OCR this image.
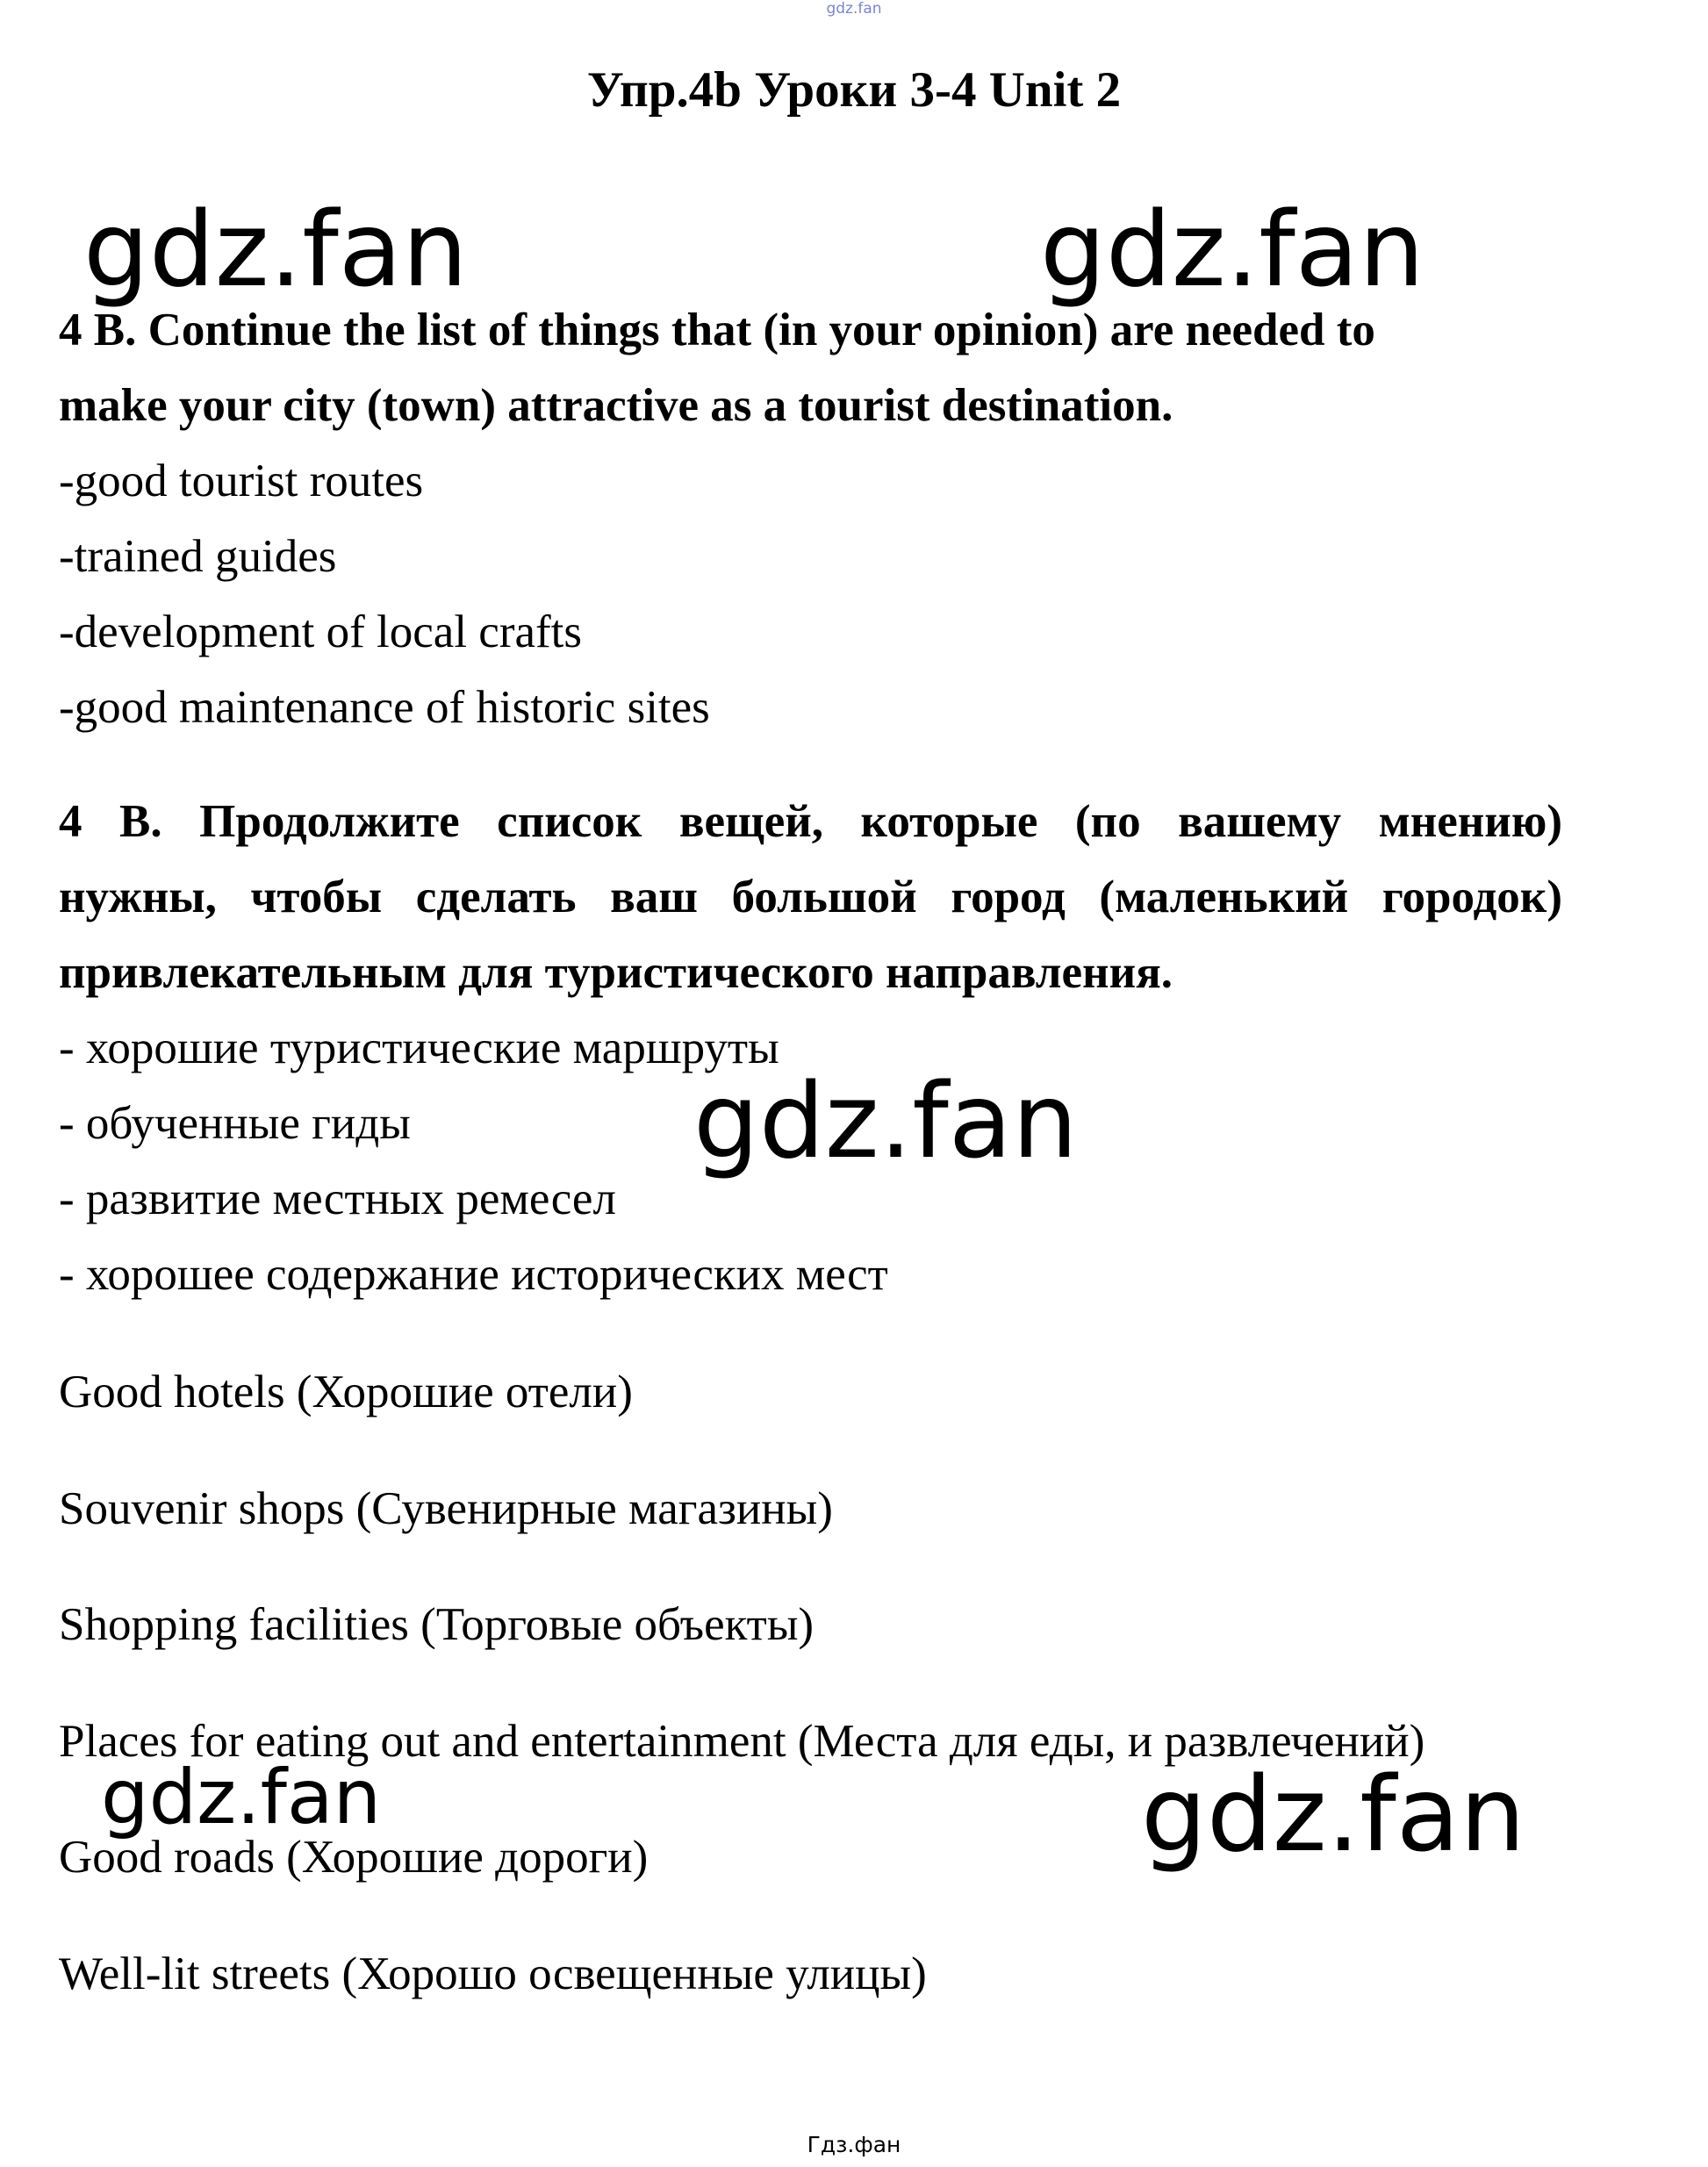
gdz.fan
Упр.4b Уроки 3-4 Unit 2
gdz.fan	gdz.fan
4 B. Continue the list of things that (in your opinion) are needed to
make your city (town) attractive as a tourist destination.
-good tourist routes
-trained guides
-development of local crafts
-good maintenance of historic sites
4 В. Продолжите список вещей, которые (по вашему мнению)
нужны, чтобы сделать ваш большой город (маленький городок)
привлекательным для туристического направления.
- хорошие туристические маршруты
- обученные гиды
- развитие местных ремесел
- хорошее содержание исторических мест
gdz.fan
Good hotels (Хорошие отели)
Souvenir shops (Сувенирные магазины)
Shopping facilities (Торговые объекты)
Places for eating out and entertainment (Места для еды, и развлечений)
Good roads (Хорошие дороги)
Well-lit streets (Хорошо освещенные улицы)
gdz.fan	gdz.fan
Гдз.фан
